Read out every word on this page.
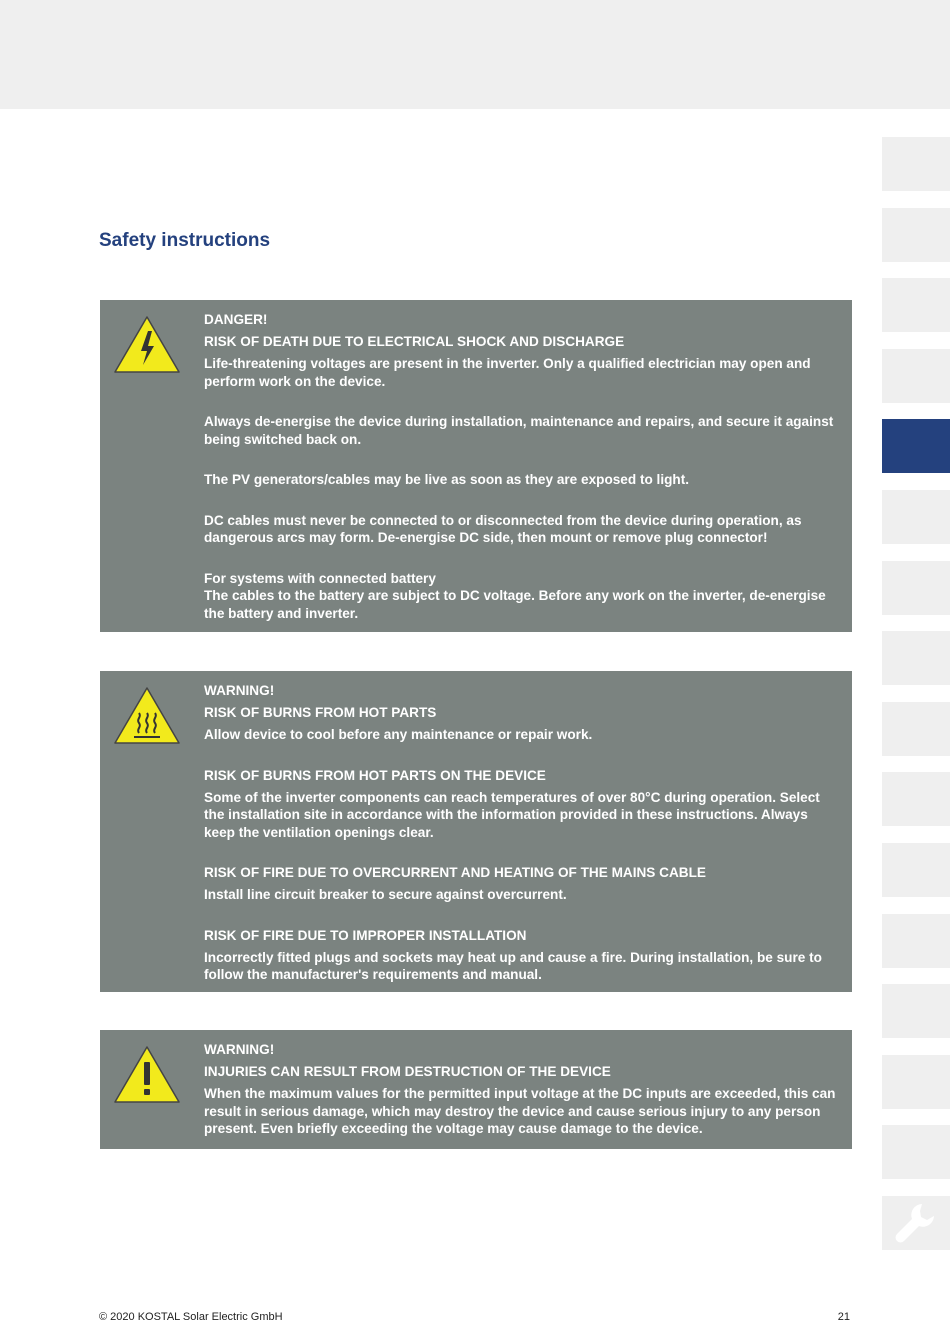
Safety instructions

DANGER!

RISK OF DEATH DUE TO ELECTRICAL SHOCK AND DISCHARGE

Life-threatening voltages are present in the inverter. Only a qualified electrician may open and perform work on the device.

Always de-energise the device during installation, maintenance and repairs, and secure it against being switched back on.

The PV generators/cables may be live as soon as they are exposed to light.

DC cables must never be connected to or disconnected from the device during operation, as dangerous arcs may form. De-energise DC side, then mount or remove plug connector!

For systems with connected battery

The cables to the battery are subject to DC voltage. Before any work on the inverter, de-energise the battery and inverter.

WARNING!

RISK OF BURNS FROM HOT PARTS

Allow device to cool before any maintenance or repair work.

RISK OF BURNS FROM HOT PARTS ON THE DEVICE

Some of the inverter components can reach temperatures of over 80°C during operation. Select the installation site in accordance with the information provided in these instructions. Always keep the ventilation openings clear.

RISK OF FIRE DUE TO OVERCURRENT AND HEATING OF THE MAINS CABLE

Install line circuit breaker to secure against overcurrent.

RISK OF FIRE DUE TO IMPROPER INSTALLATION

Incorrectly fitted plugs and sockets may heat up and cause a fire. During installation, be sure to follow the manufacturer's requirements and manual.

WARNING!

INJURIES CAN RESULT FROM DESTRUCTION OF THE DEVICE

When the maximum values for the permitted input voltage at the DC inputs are exceeded, this can result in serious damage, which may destroy the device and cause serious injury to any person present. Even briefly exceeding the voltage may cause damage to the device.

© 2020 KOSTAL Solar Electric GmbH	21
